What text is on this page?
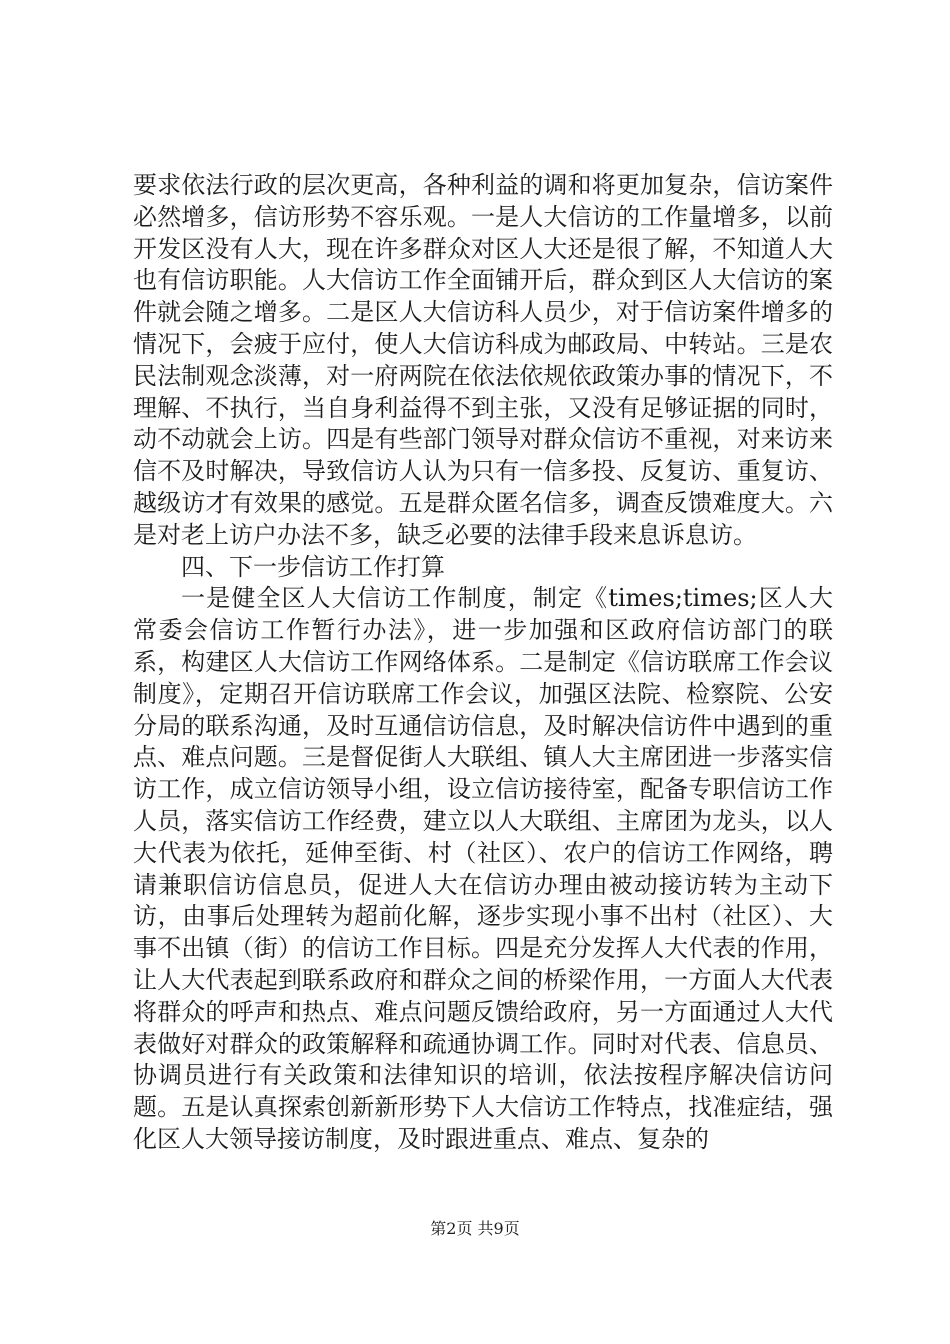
要求依法行政的层次更高，各种利益的调和将更加复杂，信访案件必然增多，信访形势不容乐观。一是人大信访的工作量增多，以前开发区没有人大，现在许多群众对区人大还是很了解，不知道人大也有信访职能。人大信访工作全面铺开后，群众到区人大信访的案件就会随之增多。二是区人大信访科人员少，对于信访案件增多的情况下，会疲于应付，使人大信访科成为邮政局、中转站。三是农民法制观念淡薄，对一府两院在依法依规依政策办事的情况下，不理解、不执行，当自身利益得不到主张，又没有足够证据的同时，动不动就会上访。四是有些部门领导对群众信访不重视，对来访来信不及时解决，导致信访人认为只有一信多投、反复访、重复访、越级访才有效果的感觉。五是群众匿名信多，调查反馈难度大。六是对老上访户办法不多，缺乏必要的法律手段来息诉息访。

四、下一步信访工作打算

一是健全区人大信访工作制度，制定《times;times;区人大常委会信访工作暂行办法》，进一步加强和区政府信访部门的联系，构建区人大信访工作网络体系。二是制定《信访联席工作会议制度》，定期召开信访联席工作会议，加强区法院、检察院、公安分局的联系沟通，及时互通信访信息，及时解决信访件中遇到的重点、难点问题。三是督促街人大联组、镇人大主席团进一步落实信访工作，成立信访领导小组，设立信访接待室，配备专职信访工作人员，落实信访工作经费，建立以人大联组、主席团为龙头，以人大代表为依托，延伸至街、村（社区）、农户的信访工作网络，聘请兼职信访信息员，促进人大在信访办理由被动接访转为主动下访，由事后处理转为超前化解，逐步实现小事不出村（社区）、大事不出镇（街）的信访工作目标。四是充分发挥人大代表的作用，让人大代表起到联系政府和群众之间的桥梁作用，一方面人大代表将群众的呼声和热点、难点问题反馈给政府，另一方面通过人大代表做好对群众的政策解释和疏通协调工作。同时对代表、信息员、协调员进行有关政策和法律知识的培训，依法按程序解决信访问题。五是认真探索创新新形势下人大信访工作特点，找准症结，强化区人大领导接访制度，及时跟进重点、难点、复杂的

第2页 共9页
